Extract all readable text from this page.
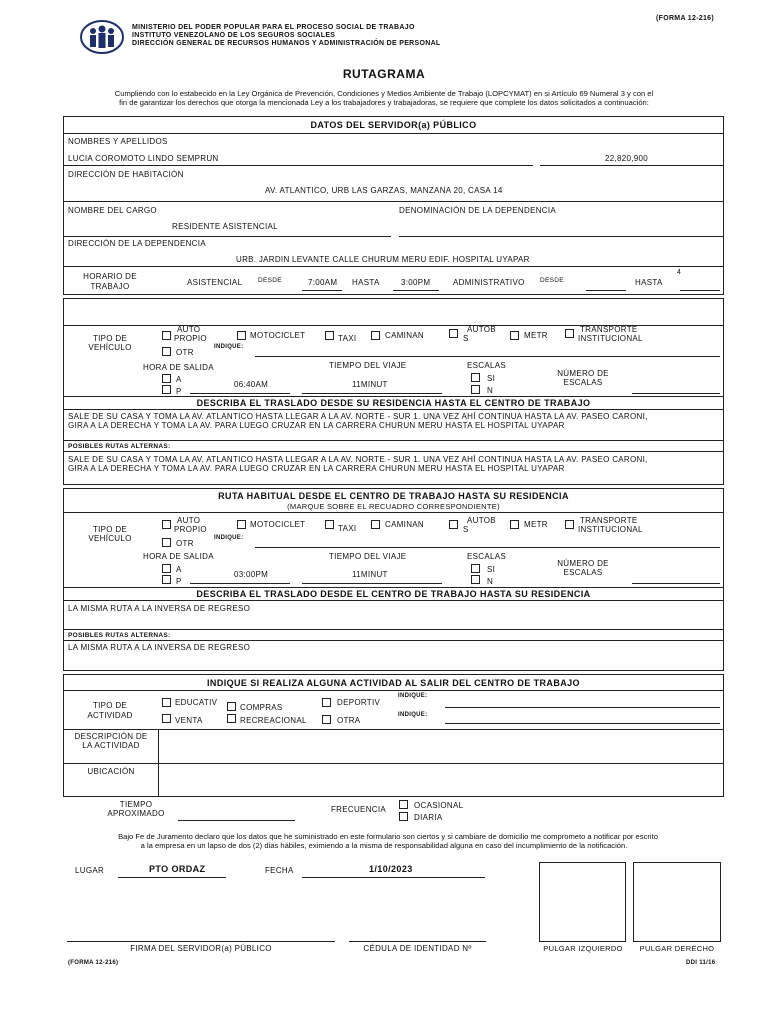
MINISTERIO DEL PODER POPULAR PARA EL PROCESO SOCIAL DE TRABAJO
INSTITUTO VENEZOLANO DE LOS SEGUROS SOCIALES
DIRECCIÓN GENERAL DE RECURSOS HUMANOS Y ADMINISTRACIÓN DE PERSONAL
(FORMA 12-216)
RUTAGRAMA
Cumpliendo con lo estabecido en la Ley Orgánica de Prevención, Condiciones y Medios Ambiente de Trabajo (LOPCYMAT) en si Artículo 69 Numeral 3 y con el
fin de garantizar los derechos que otorga la mencionada Ley a los trabajadores y trabajadoras, se requiere que complete los datos solicitados a continuación:
DATOS DEL SERVIDOR(a) PÚBLICO
NOMBRES Y APELLIDOS
LUCIA COROMOTO LINDO SEMPRUN	22,820,900
DIRECCIÓN DE HABITACIÓN
AV. ATLANTICO, URB LAS GARZAS, MANZANA 20, CASA 14
NOMBRE DEL CARGO
RESIDENTE ASISTENCIAL
DENOMINACIÓN DE LA DEPENDENCIA
DIRECCIÓN DE LA DEPENDENCIA
URB. JARDIN LEVANTE CALLE CHURUM MERU EDIF. HOSPITAL UYAPAR
HORARIO DE
TRABAJO	ASISTENCIAL DESDE	7:00AM HASTA	3:00PM	ADMINISTRATIVO DESDE	HASTA
4
TIPO DE
VEHÍCULO
AUTO
PROPIO	MOTOCICLET	TAXI	CAMINAN
AUTOB
S	METR
TRANSPORTE
INSTITUCIONAL
OTR
INDIQUE:
HORA DE SALIDA
A
P
06:40AM
TIEMPO DEL VIAJE
11MINUT
ESCALAS
SI
N
NÚMERO DE
ESCALAS
DESCRIBA EL TRASLADO DESDE SU RESIDENCIA HASTA EL CENTRO DE TRABAJO
SALE DE SU CASA Y TOMA LA AV. ATLANTICO HASTA LLEGAR A LA AV. NORTE - SUR 1. UNA VEZ AHÍ CONTINUA HASTA LA AV. PASEO CARONI,
GIRA A LA DERECHA Y TOMA LA AV. PARA LUEGO CRUZAR EN LA CARRERA CHURUN MERU HASTA EL HOSPITAL UYAPAR
POSIBLES RUTAS ALTERNAS:
SALE DE SU CASA Y TOMA LA AV. ATLANTICO HASTA LLEGAR A LA AV. NORTE - SUR 1. UNA VEZ AHÍ CONTINUA HASTA LA AV. PASEO CARONI,
GIRA A LA DERECHA Y TOMA LA AV. PARA LUEGO CRUZAR EN LA CARRERA CHURUN MERU HASTA EL HOSPITAL UYAPAR
RUTA HABITUAL DESDE EL CENTRO DE TRABAJO HASTA SU RESIDENCIA
(MARQUE SOBRE EL RECUADRO CORRESPONDIENTE)
TIPO DE
VEHÍCULO
AUTO
PROPIO
MOTOCICLET	TAXI	CAMINAN	AUTOB
S
METR	TRANSPORTE
INSTITUCIONAL
OTR
INDIQUE:
HORA DE SALIDA
A
P
03:00PM
TIEMPO DEL VIAJE
11MINUT
ESCALAS
SI
N
NÚMERO DE
ESCALAS
DESCRIBA EL TRASLADO DESDE EL CENTRO DE TRABAJO HASTA SU RESIDENCIA
LA MISMA RUTA A LA INVERSA DE REGRESO
POSIBLES RUTAS ALTERNAS:
LA MISMA RUTA A LA INVERSA DE REGRESO
INDIQUE SI REALIZA ALGUNA ACTIVIDAD AL SALIR DEL CENTRO DE TRABAJO
TIPO DE
ACTIVIDAD
EDUCATIV
COMPRAS
DEPORTIV
INDIQUE:
VENTA	RECREACIONAL	OTRA
INDIQUE:
DESCRIPCIÓN DE
LA ACTIVIDAD
UBICACIÓN
TIEMPO
APROXIMADO	FRECUENCIA	OCASIONAL
DIARIA
Bajo Fe de Juramento declaro que los datos que he suministrado en este formulario son ciertos y si cambiare de domicilio me comprometo a notificar por escrito
a la empresa en un lapso de dos (2) dias hábiles, eximiendo a la misma de responsabilidad alguna en caso del incumplimiento de la notificación.
LUGAR	PTO ORDAZ	FECHA	1/10/2023
FIRMA DEL SERVIDOR(a) PÚBLICO	CÉDULA DE IDENTIDAD Nº	PULGAR IZQUIERDO	PULGAR DERECHO
(FORMA 12-216)	DDI 11/16
